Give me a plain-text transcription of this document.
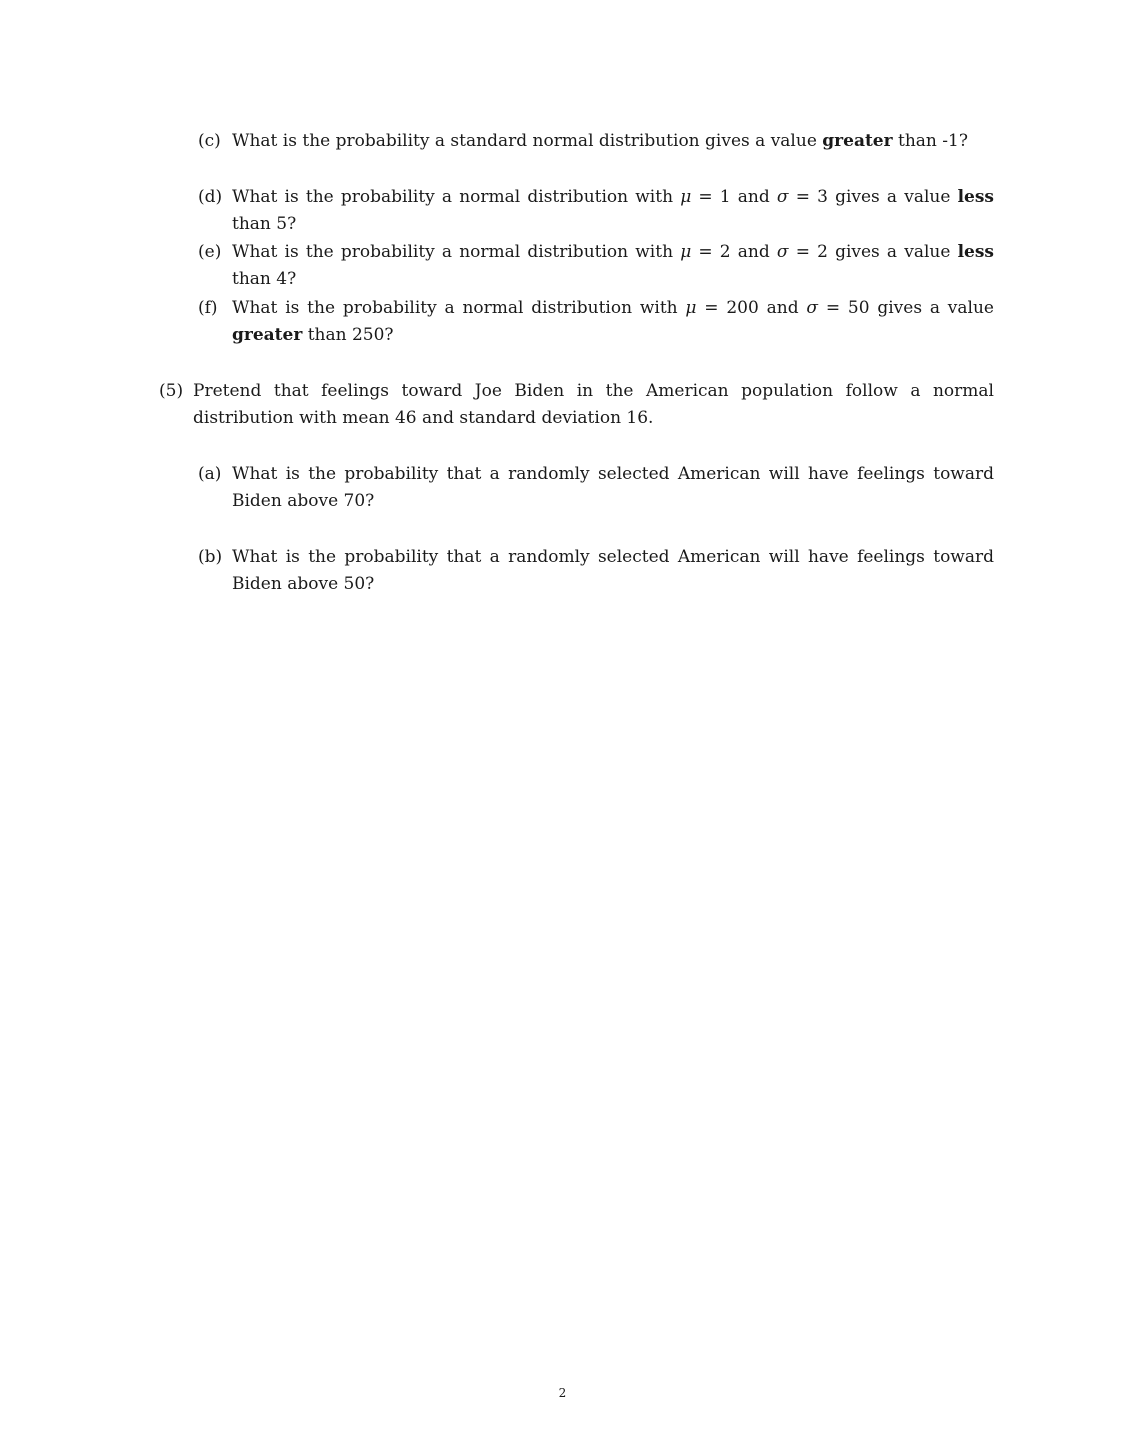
(c) What is the probability a standard normal distribution gives a value greater than -1?
(d) What is the probability a normal distribution with μ = 1 and σ = 3 gives a value less than 5?
(e) What is the probability a normal distribution with μ = 2 and σ = 2 gives a value less than 4?
(f) What is the probability a normal distribution with μ = 200 and σ = 50 gives a value greater than 250?
(5) Pretend that feelings toward Joe Biden in the American population follow a normal distribution with mean 46 and standard deviation 16.
(a) What is the probability that a randomly selected American will have feelings toward Biden above 70?
(b) What is the probability that a randomly selected American will have feelings toward Biden above 50?
2
